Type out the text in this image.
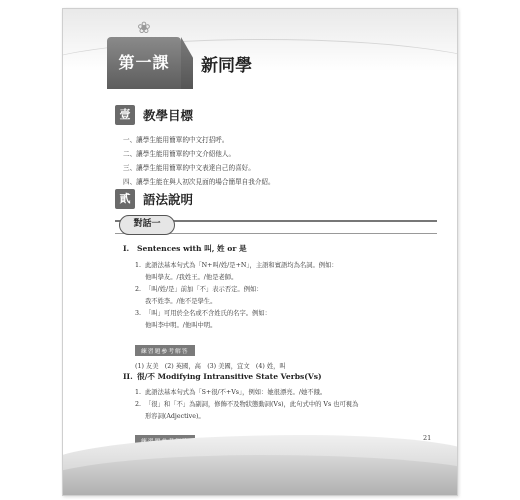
❀
第一課	新同學
壹	教學目標
一、讓學生能用簡單的中文打招呼。
二、讓學生能用簡單的中文介紹他人。
三、讓學生能用簡單的中文表達自己的喜好。
四、讓學生能在與人初次見面的場合簡單自我介紹。
貳	語法說明
對話一
I. Sentences with 叫, 姓 or 是
1. 此語法基本句式為「N+叫/姓/是+N」，主語和賓語均為名詞。例如：
他叫學友。/我姓王。/他是老師。
2. 「叫/姓/是」前加「不」表示否定。例如：
我不姓李。/他不是學生。
3. 「叫」可用於全名或不含姓氏的名字。例如：
他叫李中明。/他叫中明。
練習題參考解答
(1) 友美　(2) 英國，高　(3) 美國，宜文　(4) 姓，叫
II. 很/不 Modifying Intransitive State Verbs(Vs)
1. 此語法基本句式為「S+很/不+Vs」，例如：她很漂亮。/她不餓。
2. 「很」和「不」為副詞，修飾不及物狀態動詞(Vs)，此句式中的 Vs 也可視為
形容詞(Adjective)。
21
